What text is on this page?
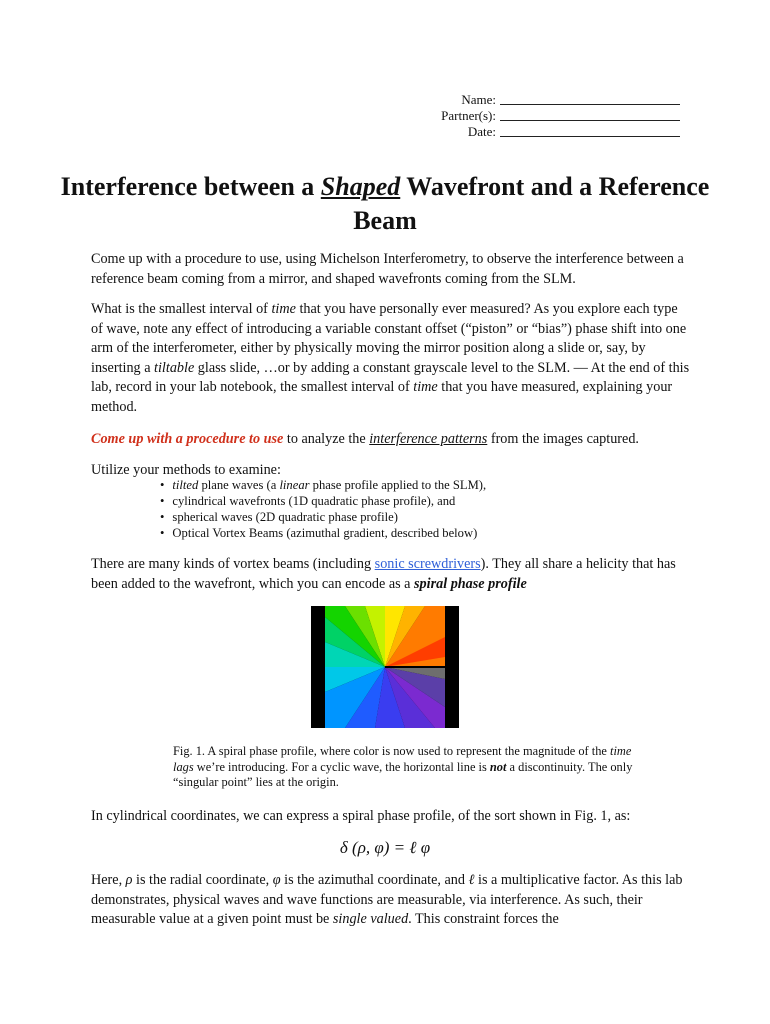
Name:
Partner(s):
Date:
Interference between a Shaped Wavefront and a Reference Beam

Come up with a procedure to use, using Michelson Interferometry, to observe the interference between a reference beam coming from a mirror, and shaped wavefronts coming from the SLM.

What is the smallest interval of time that you have personally ever measured? As you explore each type of wave, note any effect of introducing a variable constant offset (“piston” or “bias”) phase shift into one arm of the interferometer, either by physically moving the mirror position along a slide or, say, by inserting a tiltable glass slide, …or by adding a constant grayscale level to the SLM. — At the end of this lab, record in your lab notebook, the smallest interval of time that you have measured, explaining your method.

Come up with a procedure to use to analyze the interference patterns from the images captured.

Utilize your methods to examine:

• tilted plane waves (a linear phase profile applied to the SLM),
• cylindrical wavefronts (1D quadratic phase profile), and
• spherical waves (2D quadratic phase profile)
• Optical Vortex Beams (azimuthal gradient, described below)

There are many kinds of vortex beams (including sonic screwdrivers). They all share a helicity that has been added to the wavefront, which you can encode as a spiral phase profile

Fig. 1. A spiral phase profile, where color is now used to represent the magnitude of the time lags we’re introducing. For a cyclic wave, the horizontal line is not a discontinuity. The only “singular point” lies at the origin.

In cylindrical coordinates, we can express a spiral phase profile, of the sort shown in Fig. 1, as:

δ (ρ, φ) = ℓ φ

Here, ρ is the radial coordinate, φ is the azimuthal coordinate, and ℓ is a multiplicative factor. As this lab demonstrates, physical waves and wave functions are measurable, via interference. As such, their measurable value at a given point must be single valued. This constraint forces the
